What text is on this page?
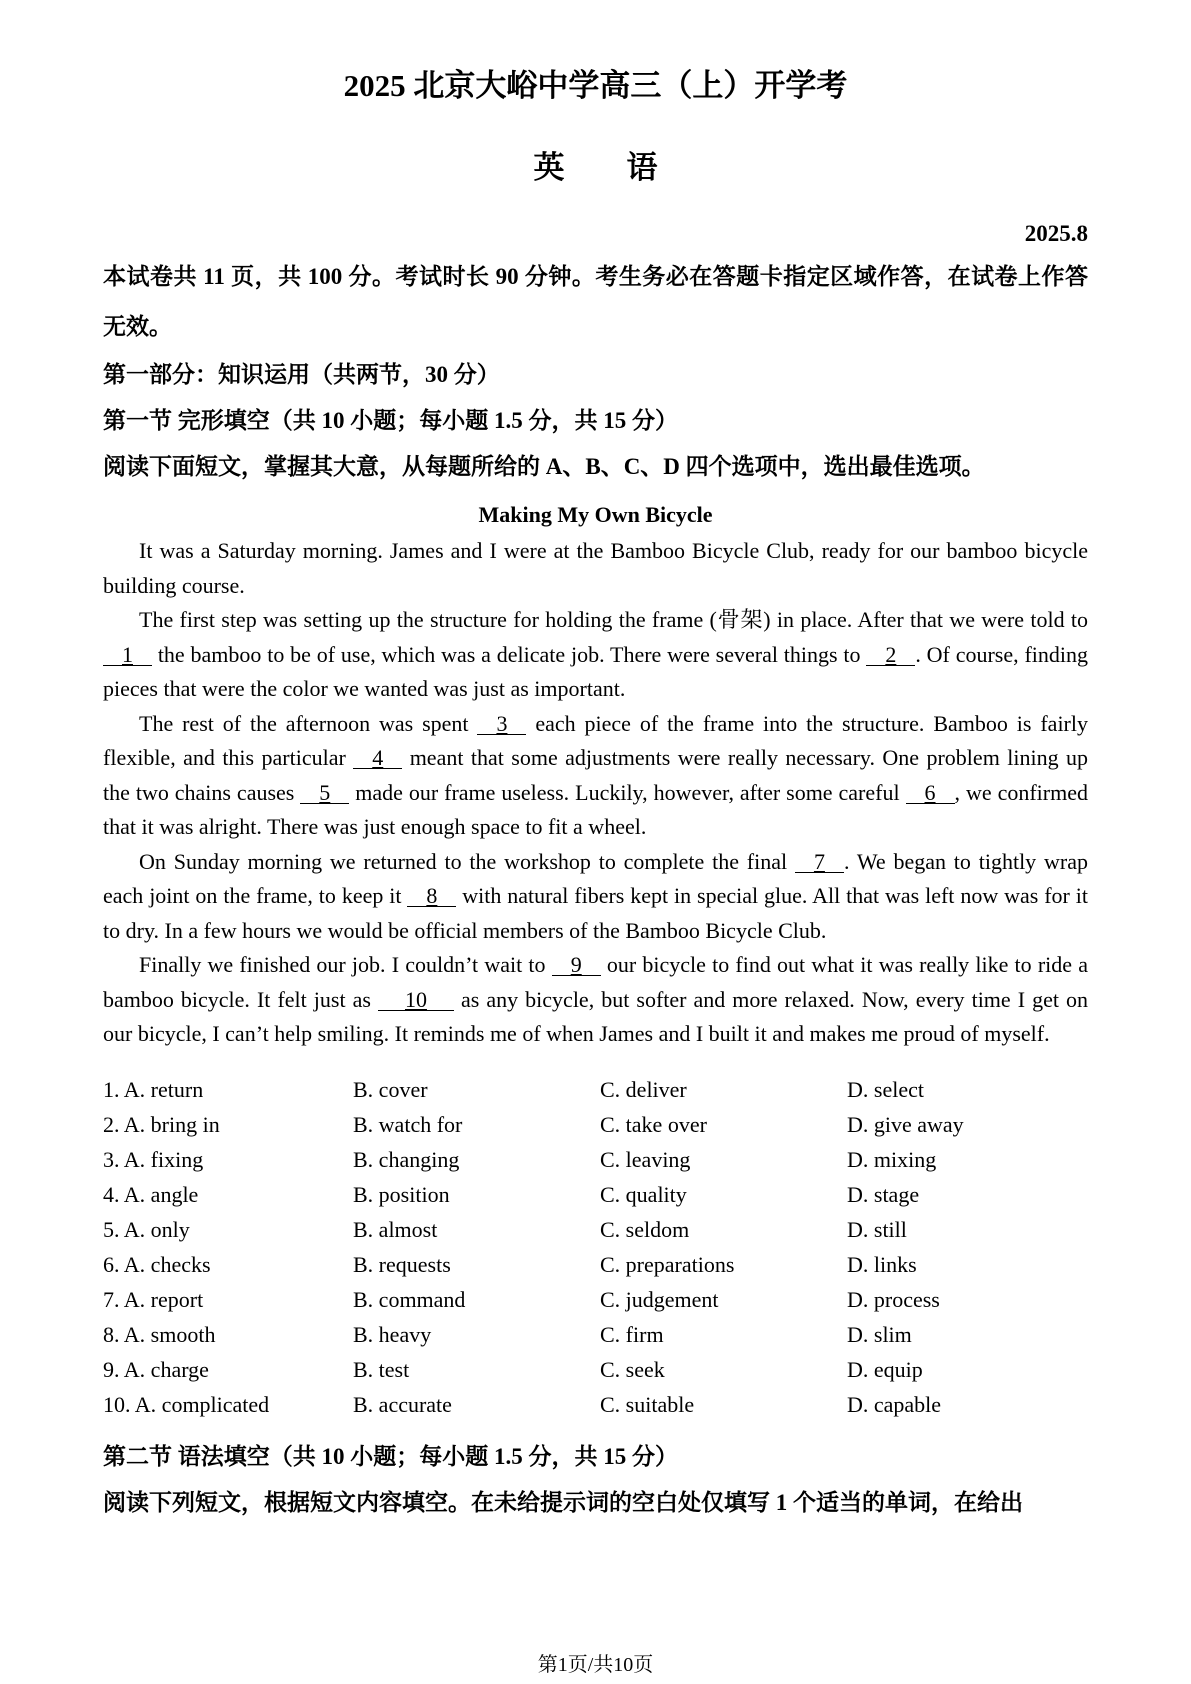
2025 北京大峪中学高三（上）开学考
英　　语
2025.8

本试卷共 11 页，共 100 分。考试时长 90 分钟。考生务必在答题卡指定区域作答，在试卷上作答无效。

第一部分：知识运用（共两节，30 分）

第一节 完形填空（共 10 小题；每小题 1.5 分，共 15 分）

阅读下面短文，掌握其大意，从每题所给的 A、B、C、D 四个选项中，选出最佳选项。

Making My Own Bicycle

It was a Saturday morning. James and I were at the Bamboo Bicycle Club, ready for our bamboo bicycle building course.

The first step was setting up the structure for holding the frame (骨架) in place. After that we were told to 1 the bamboo to be of use, which was a delicate job. There were several things to 2 . Of course, finding pieces that were the color we wanted was just as important.

The rest of the afternoon was spent 3 each piece of the frame into the structure. Bamboo is fairly flexible, and this particular 4 meant that some adjustments were really necessary. One problem lining up the two chains causes 5 made our frame useless. Luckily, however, after some careful 6 , we confirmed that it was alright. There was just enough space to fit a wheel.

On Sunday morning we returned to the workshop to complete the final 7 . We began to tightly wrap each joint on the frame, to keep it 8 with natural fibers kept in special glue. All that was left now was for it to dry. In a few hours we would be official members of the Bamboo Bicycle Club.

Finally we finished our job. I couldn’t wait to 9 our bicycle to find out what it was really like to ride a bamboo bicycle. It felt just as 10 as any bicycle, but softer and more relaxed. Now, every time I get on our bicycle, I can’t help smiling. It reminds me of when James and I built it and makes me proud of myself.

1. A. return	B. cover	C. deliver	D. select
2. A. bring in	B. watch for	C. take over	D. give away
3. A. fixing	B. changing	C. leaving	D. mixing
4. A. angle	B. position	C. quality	D. stage
5. A. only	B. almost	C. seldom	D. still
6. A. checks	B. requests	C. preparations	D. links
7. A. report	B. command	C. judgement	D. process
8. A. smooth	B. heavy	C. firm	D. slim
9. A. charge	B. test	C. seek	D. equip
10. A. complicated	B. accurate	C. suitable	D. capable

第二节 语法填空（共 10 小题；每小题 1.5 分，共 15 分）

阅读下列短文，根据短文内容填空。在未给提示词的空白处仅填写 1 个适当的单词，在给出

第1页/共10页
